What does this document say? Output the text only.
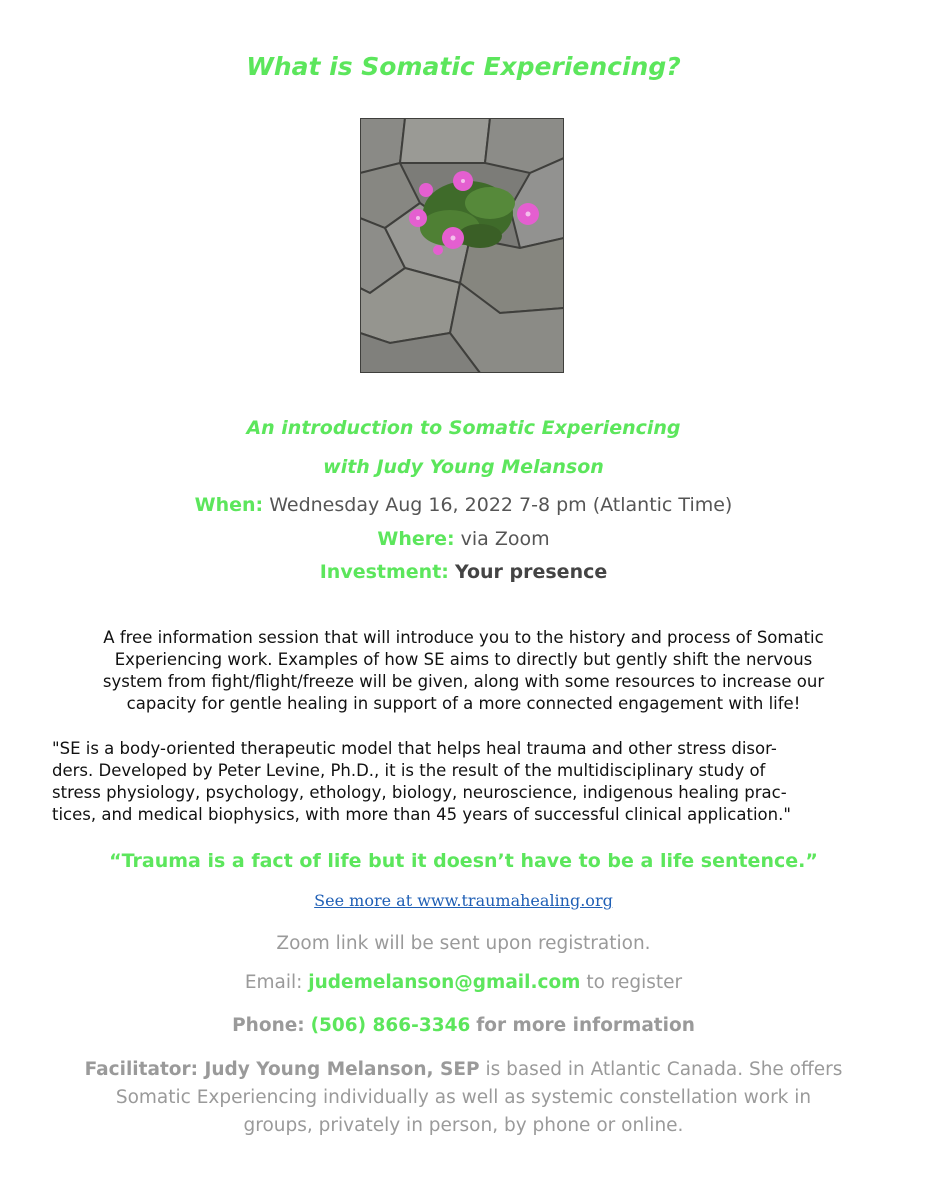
What is Somatic Experiencing?
An introduction to Somatic Experiencing
with Judy Young Melanson
When: Wednesday Aug 16, 2022 7-8 pm (Atlantic Time)
Where: via Zoom
Investment: Your presence
A free information session that will introduce you to the history and process of Somatic
Experiencing work. Examples of how SE aims to directly but gently shift the nervous
system from fight/flight/freeze will be given, along with some resources to increase our
capacity for gentle healing in support of a more connected engagement with life!
"SE is a body-oriented therapeutic model that helps heal trauma and other stress disor-
ders. Developed by Peter Levine, Ph.D., it is the result of the multidisciplinary study of
stress physiology, psychology, ethology, biology, neuroscience, indigenous healing prac-
tices, and medical biophysics, with more than 45 years of successful clinical application."
“Trauma is a fact of life but it doesn’t have to be a life sentence.”
See more at www.traumahealing.org
Zoom link will be sent upon registration.
Email: judemelanson@gmail.com to register
Phone: (506) 866-3346 for more information
Facilitator: Judy Young Melanson, SEP is based in Atlantic Canada. She offers
Somatic Experiencing individually as well as systemic constellation work in
groups, privately in person, by phone or online.
